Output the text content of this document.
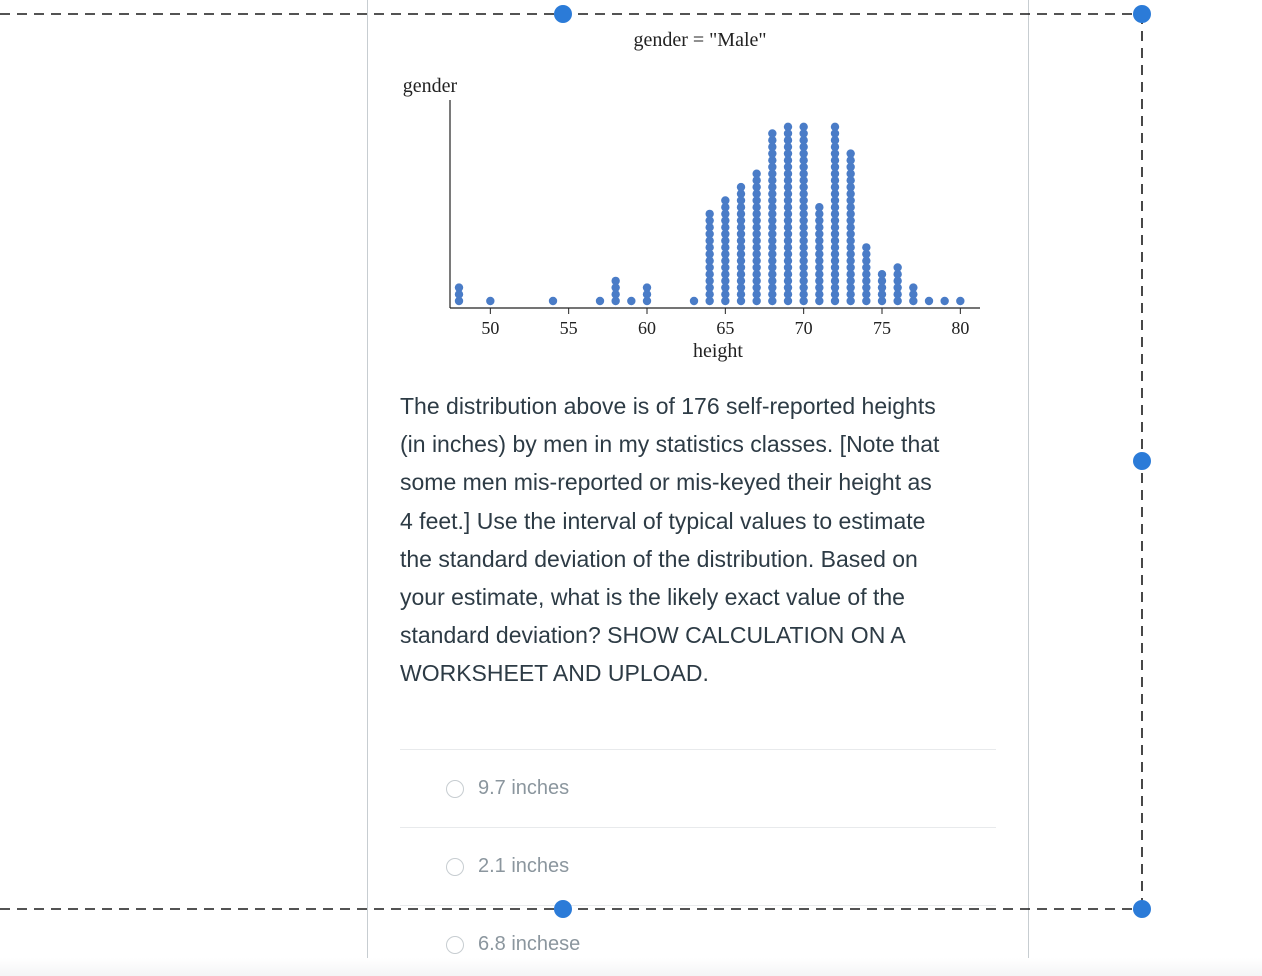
gender = "Male"
gender
height
50	55	60	65	70	75	80

The distribution above is of 176 self-reported heights
(in inches) by men in my statistics classes. [Note that
some men mis-reported or mis-keyed their height as
4 feet.] Use the interval of typical values to estimate
the standard deviation of the distribution. Based on
your estimate, what is the likely exact value of the
standard deviation? SHOW CALCULATION ON A
WORKSHEET AND UPLOAD.

9.7 inches
2.1 inches
6.8 inchese
